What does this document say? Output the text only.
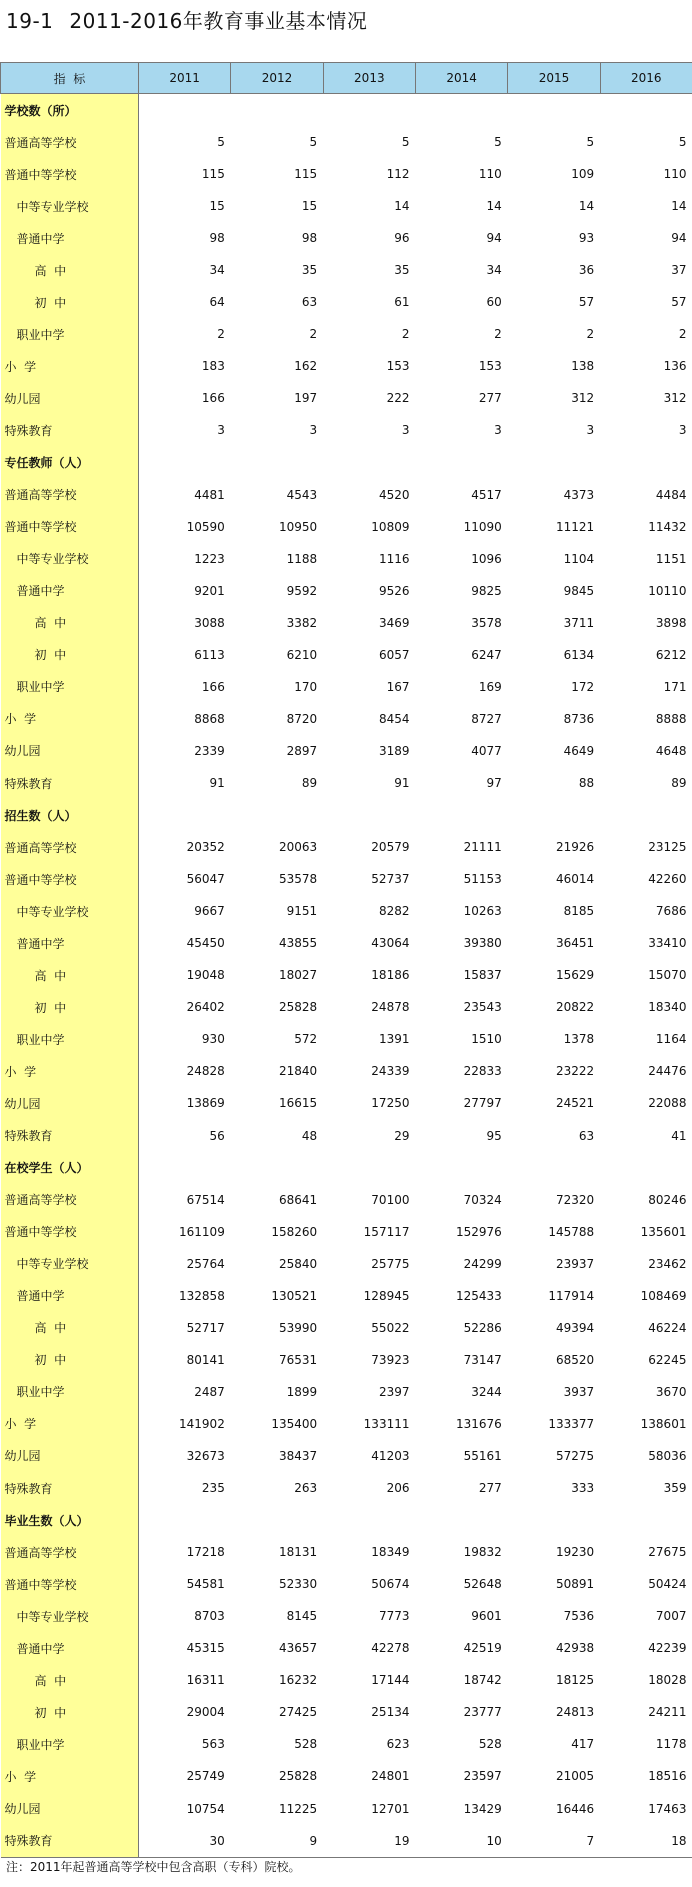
19-1 2011-2016年教育事业基本情况
指  标	2011	2012	2013	2014	2015	2016
学校数（所）						
普通高等学校	5	5	5	5	5	5
普通中等学校	115	115	112	110	109	110
中等专业学校	15	15	14	14	14	14
普通中学	98	98	96	94	93	94
高  中	34	35	35	34	36	37
初  中	64	63	61	60	57	57
职业中学	2	2	2	2	2	2
小  学	183	162	153	153	138	136
幼儿园	166	197	222	277	312	312
特殊教育	3	3	3	3	3	3
专任教师（人）						
普通高等学校	4481	4543	4520	4517	4373	4484
普通中等学校	10590	10950	10809	11090	11121	11432
中等专业学校	1223	1188	1116	1096	1104	1151
普通中学	9201	9592	9526	9825	9845	10110
高  中	3088	3382	3469	3578	3711	3898
初  中	6113	6210	6057	6247	6134	6212
职业中学	166	170	167	169	172	171
小  学	8868	8720	8454	8727	8736	8888
幼儿园	2339	2897	3189	4077	4649	4648
特殊教育	91	89	91	97	88	89
招生数（人）						
普通高等学校	20352	20063	20579	21111	21926	23125
普通中等学校	56047	53578	52737	51153	46014	42260
中等专业学校	9667	9151	8282	10263	8185	7686
普通中学	45450	43855	43064	39380	36451	33410
高  中	19048	18027	18186	15837	15629	15070
初  中	26402	25828	24878	23543	20822	18340
职业中学	930	572	1391	1510	1378	1164
小  学	24828	21840	24339	22833	23222	24476
幼儿园	13869	16615	17250	27797	24521	22088
特殊教育	56	48	29	95	63	41
在校学生（人）						
普通高等学校	67514	68641	70100	70324	72320	80246
普通中等学校	161109	158260	157117	152976	145788	135601
中等专业学校	25764	25840	25775	24299	23937	23462
普通中学	132858	130521	128945	125433	117914	108469
高  中	52717	53990	55022	52286	49394	46224
初  中	80141	76531	73923	73147	68520	62245
职业中学	2487	1899	2397	3244	3937	3670
小  学	141902	135400	133111	131676	133377	138601
幼儿园	32673	38437	41203	55161	57275	58036
特殊教育	235	263	206	277	333	359
毕业生数（人）						
普通高等学校	17218	18131	18349	19832	19230	27675
普通中等学校	54581	52330	50674	52648	50891	50424
中等专业学校	8703	8145	7773	9601	7536	7007
普通中学	45315	43657	42278	42519	42938	42239
高  中	16311	16232	17144	18742	18125	18028
初  中	29004	27425	25134	23777	24813	24211
职业中学	563	528	623	528	417	1178
小  学	25749	25828	24801	23597	21005	18516
幼儿园	10754	11225	12701	13429	16446	17463
特殊教育	30	9	19	10	7	18
注：2011年起普通高等学校中包含高职（专科）院校。
